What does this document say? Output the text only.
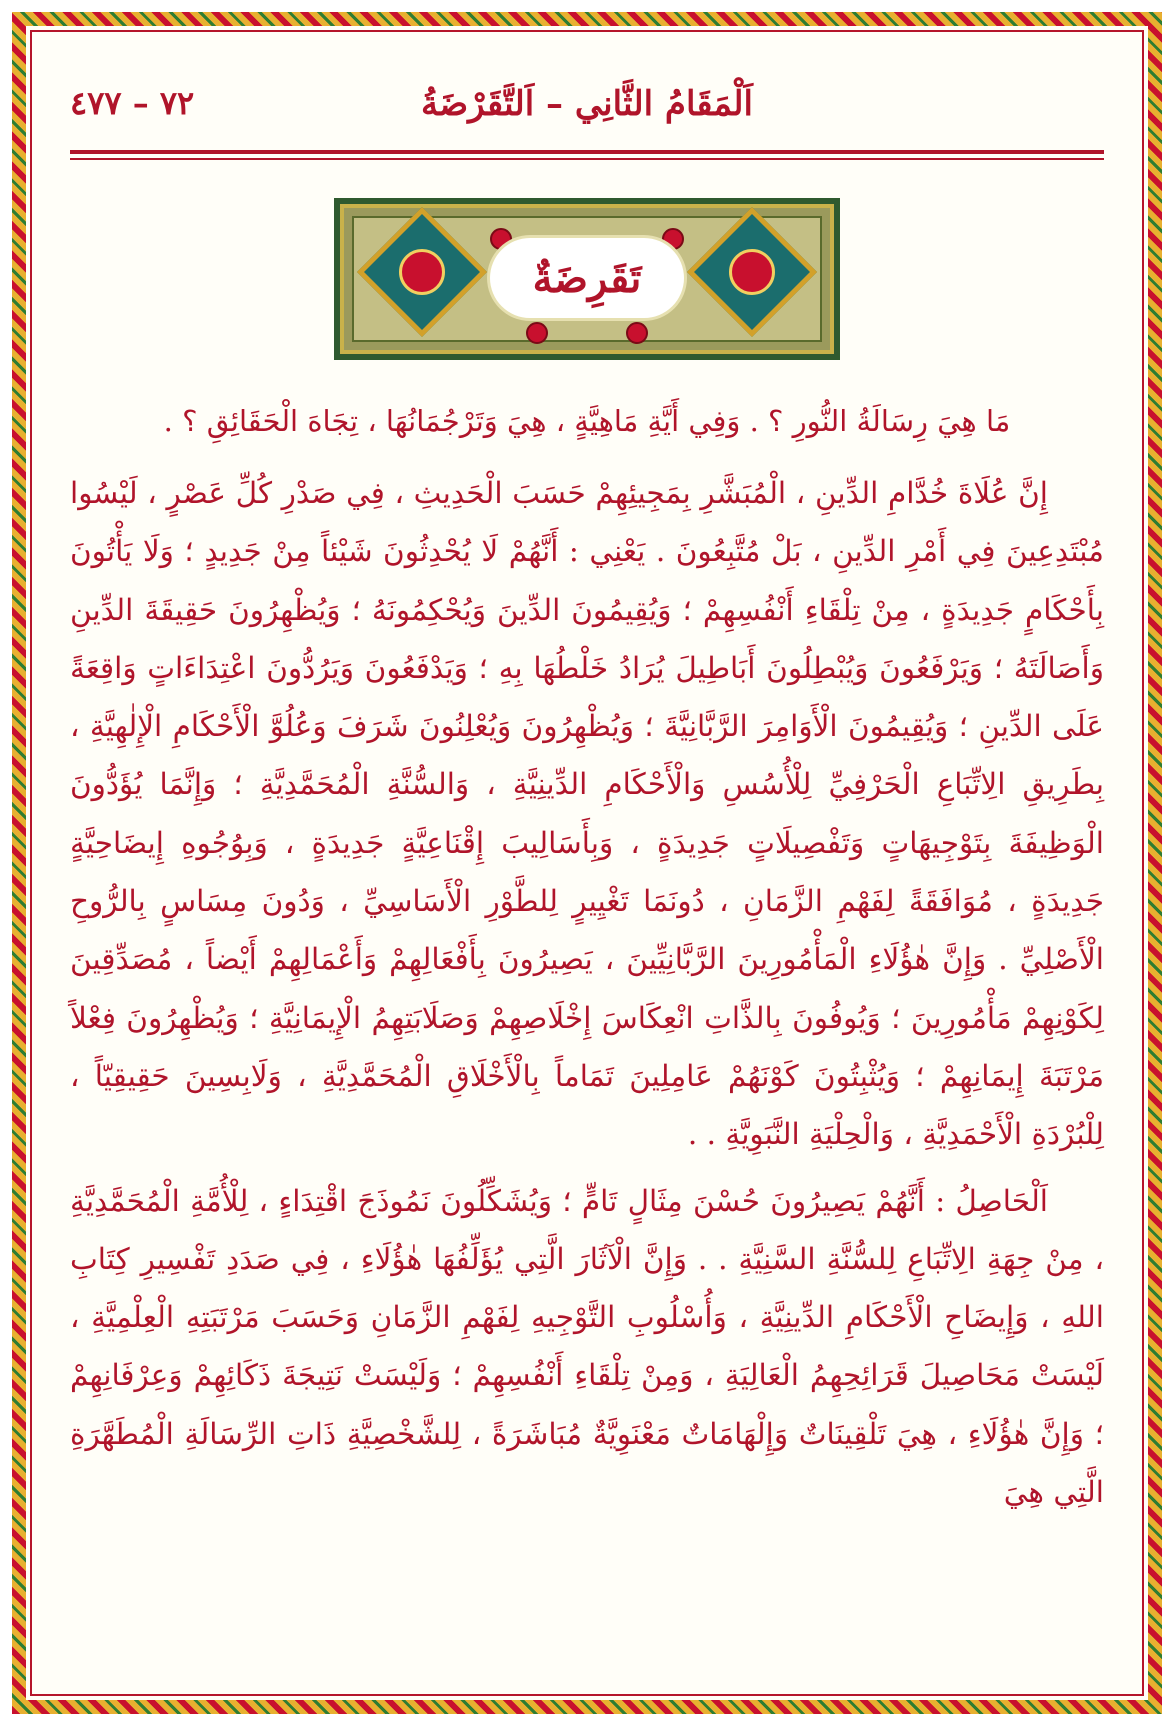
اَلْمَقَامُ الثَّانِي – اَلتَّقَرْضَةُ
٧٢ – ٤٧٧
تَقَرِضَةٌ
مَا هِيَ رِسَالَةُ النُّورِ ؟ . وَفِي أَيَّةِ مَاهِيَّةٍ ، هِيَ وَتَرْجُمَانُهَا ، تِجَاهَ الْحَقَائِقِ ؟ .

إِنَّ عُلَاةَ خُدَّامِ الدِّينِ ، الْمُبَشَّرِ بِمَجِيئِهِمْ حَسَبَ الْحَدِيثِ ، فِي صَدْرِ كُلِّ عَصْرٍ ، لَيْسُوا مُبْتَدِعِينَ فِي أَمْرِ الدِّينِ ، بَلْ مُتَّبِعُونَ . يَعْنِي : أَنَّهُمْ لَا يُحْدِثُونَ شَيْئاً مِنْ جَدِيدٍ ؛ وَلَا يَأْتُونَ بِأَحْكَامٍ جَدِيدَةٍ ، مِنْ تِلْقَاءِ أَنْفُسِهِمْ ؛ وَيُقِيمُونَ الدِّينَ وَيُحْكِمُونَهُ ؛ وَيُظْهِرُونَ حَقِيقَةَ الدِّينِ وَأَصَالَتَهُ ؛ وَيَرْفَعُونَ وَيُبْطِلُونَ أَبَاطِيلَ يُرَادُ خَلْطُهَا بِهِ ؛ وَيَدْفَعُونَ وَيَرُدُّونَ اعْتِدَاءَاتٍ وَاقِعَةً عَلَى الدِّينِ ؛ وَيُقِيمُونَ الْأَوَامِرَ الرَّبَّانِيَّةَ ؛ وَيُظْهِرُونَ وَيُعْلِنُونَ شَرَفَ وَعُلُوَّ الْأَحْكَامِ الْإِلٰهِيَّةِ ، بِطَرِيقِ الِاتِّبَاعِ الْحَرْفِيِّ لِلْأُسُسِ وَالْأَحْكَامِ الدِّينِيَّةِ ، وَالسُّنَّةِ الْمُحَمَّدِيَّةِ ؛ وَإِنَّمَا يُؤَدُّونَ الْوَظِيفَةَ بِتَوْجِيهَاتٍ وَتَفْصِيلَاتٍ جَدِيدَةٍ ، وَبِأَسَالِيبَ إِقْنَاعِيَّةٍ جَدِيدَةٍ ، وَبِوُجُوهِ إِيضَاحِيَّةٍ جَدِيدَةٍ ، مُوَافَقَةً لِفَهْمِ الزَّمَانِ ، دُونَمَا تَغْيِيرٍ لِلطَّوْرِ الْأَسَاسِيِّ ، وَدُونَ مِسَاسٍ بِالرُّوحِ الْأَصْلِيِّ . وَإِنَّ هٰؤُلَاءِ الْمَأْمُورِينَ الرَّبَّانِيِّينَ ، يَصِيرُونَ بِأَفْعَالِهِمْ وَأَعْمَالِهِمْ أَيْضاً ، مُصَدِّقِينَ لِكَوْنِهِمْ مَأْمُورِينَ ؛ وَيُوفُونَ بِالذَّاتِ انْعِكَاسَ إِخْلَاصِهِمْ وَصَلَابَتِهِمُ الْإِيمَانِيَّةِ ؛ وَيُظْهِرُونَ فِعْلاً مَرْتَبَةَ إِيمَانِهِمْ ؛ وَيُثْبِتُونَ كَوْنَهُمْ عَامِلِينَ تَمَاماً بِالْأَخْلَاقِ الْمُحَمَّدِيَّةِ ، وَلَابِسِينَ حَقِيقِيّاً ، لِلْبُرْدَةِ الْأَحْمَدِيَّةِ ، وَالْحِلْيَةِ النَّبَوِيَّةِ . .

اَلْحَاصِلُ : أَنَّهُمْ يَصِيرُونَ حُسْنَ مِثَالٍ تَامٍّ ؛ وَيُشَكِّلُونَ نَمُوذَجَ اقْتِدَاءٍ ، لِلْأُمَّةِ الْمُحَمَّدِيَّةِ ، مِنْ جِهَةِ الِاتِّبَاعِ لِلسُّنَّةِ السَّنِيَّةِ . . وَإِنَّ الْآثَارَ الَّتِي يُؤَلِّفُهَا هٰؤُلَاءِ ، فِي صَدَدِ تَفْسِيرِ كِتَابِ اللهِ ، وَإِيضَاحِ الْأَحْكَامِ الدِّينِيَّةِ ، وَأُسْلُوبِ التَّوْجِيهِ لِفَهْمِ الزَّمَانِ وَحَسَبَ مَرْتَبَتِهِ الْعِلْمِيَّةِ ، لَيْسَتْ مَحَاصِيلَ قَرَائِحِهِمُ الْعَالِيَةِ ، وَمِنْ تِلْقَاءِ أَنْفُسِهِمْ ؛ وَلَيْسَتْ نَتِيجَةَ ذَكَائِهِمْ وَعِرْفَانِهِمْ ؛ وَإِنَّ هٰؤُلَاءِ ، هِيَ تَلْقِينَاتٌ وَإِلْهَامَاتٌ مَعْنَوِيَّةٌ مُبَاشَرَةً ، لِلشَّخْصِيَّةِ ذَاتِ الرِّسَالَةِ الْمُطَهَّرَةِ الَّتِي هِيَ
